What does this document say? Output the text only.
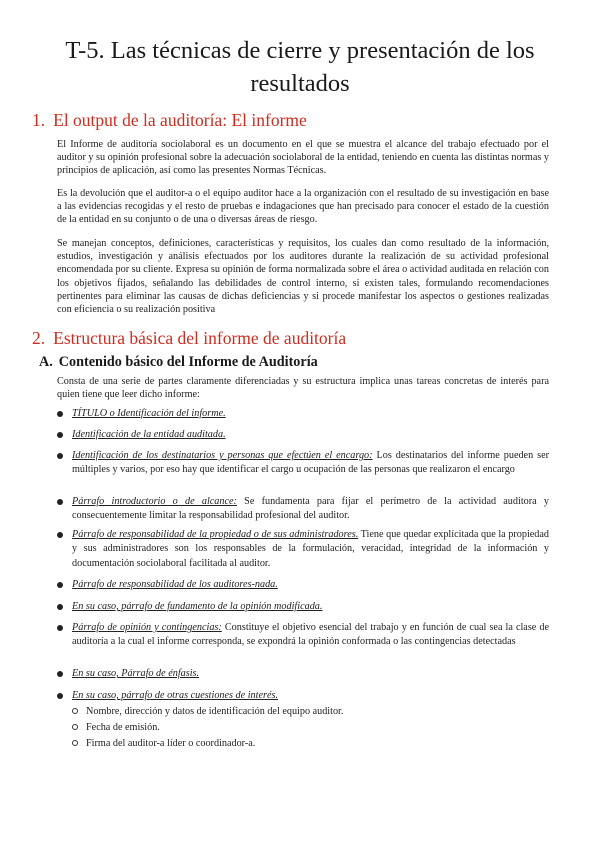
T-5. Las técnicas de cierre y presentación de los resultados
1. El output de la auditoría: El informe

El Informe de auditoría sociolaboral es un documento en el que se muestra el alcance del trabajo efectuado por el auditor y su opinión profesional sobre la adecuación sociolaboral de la entidad, teniendo en cuenta las distintas normas y principios de aplicación, así como las presentes Normas Técnicas.

Es la devolución que el auditor-a o el equipo auditor hace a la organización con el resultado de su investigación en base a las evidencias recogidas y el resto de pruebas e indagaciones que han precisado para conocer el estado de la cuestión de la entidad en su conjunto o de una o diversas áreas de riesgo.

Se manejan conceptos, definiciones, características y requisitos, los cuales dan como resultado de la información, estudios, investigación y análisis efectuados por los auditores durante la realización de su actividad profesional encomendada por su cliente. Expresa su opinión de forma normalizada sobre el área o actividad auditada en relación con los objetivos fijados, señalando las debilidades de control interno, si existen tales, formulando recomendaciones pertinentes para eliminar las causas de dichas deficiencias y si procede manifestar los aspectos o gestiones realizadas con eficiencia o su realización positiva

2. Estructura básica del informe de auditoría
A. Contenido básico del Informe de Auditoría

Consta de una serie de partes claramente diferenciadas y su estructura implica unas tareas concretas de interés para quien tiene que leer dicho informe:

TÍTULO o Identificación del informe.
Identificación de la entidad auditada.
Identificación de los destinatarios y personas que efectúen el encargo: Los destinatarios del informe pueden ser múltiples y varios, por eso hay que identificar el cargo u ocupación de las personas que realizaron el encargo
Párrafo introductorio o de alcance: Se fundamenta para fijar el perímetro de la actividad auditora y consecuentemente limitar la responsabilidad profesional del auditor.
Párrafo de responsabilidad de la propiedad o de sus administradores. Tiene que quedar explícitada que la propiedad y sus administradores son los responsables de la formulación, veracidad, integridad de la información y documentación sociolaboral facilitada al auditor.
Párrafo de responsabilidad de los auditores-nada.
En su caso, párrafo de fundamento de la opinión modificada.
Párrafo de opinión y contingencias: Constituye el objetivo esencial del trabajo y en función de cual sea la clase de auditoría a la cual el informe corresponda, se expondrá la opinión conformada o las contingencias detectadas
En su caso, Párrafo de énfasis.
En su caso, párrafo de otras cuestiones de interés.
Nombre, dirección y datos de identificación del equipo auditor.
Fecha de emisión.
Firma del auditor-a líder o coordinador-a.
